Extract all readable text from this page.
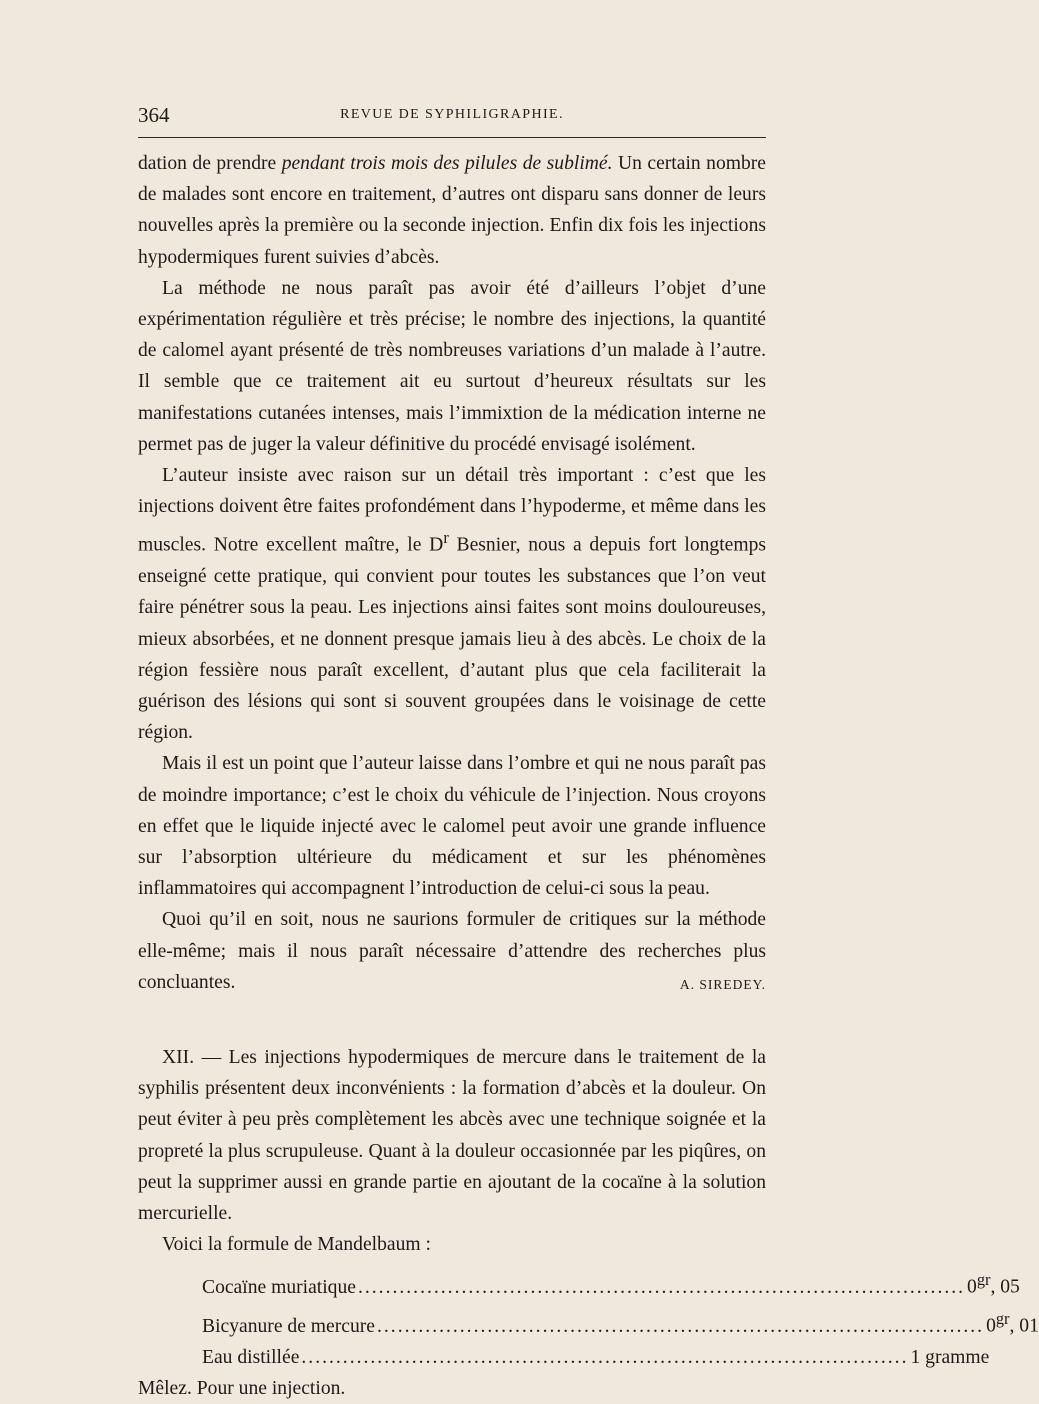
364	REVUE DE SYPHILIGRAPHIE.

dation de prendre pendant trois mois des pilules de sublimé. Un certain nombre de malades sont encore en traitement, d’autres ont disparu sans donner de leurs nouvelles après la première ou la seconde injection. Enfin dix fois les injections hypodermiques furent suivies d’abcès.

La méthode ne nous paraît pas avoir été d’ailleurs l’objet d’une expérimentation régulière et très précise; le nombre des injections, la quantité de calomel ayant présenté de très nombreuses variations d’un malade à l’autre. Il semble que ce traitement ait eu surtout d’heureux résultats sur les manifestations cutanées intenses, mais l’immixtion de la médication interne ne permet pas de juger la valeur définitive du procédé envisagé isolément.

L’auteur insiste avec raison sur un détail très important : c’est que les injections doivent être faites profondément dans l’hypoderme, et même dans les muscles. Notre excellent maître, le $D^r$ Besnier, nous a depuis fort longtemps enseigné cette pratique, qui convient pour toutes les substances que l’on veut faire pénétrer sous la peau. Les injections ainsi faites sont moins douloureuses, mieux absorbées, et ne donnent presque jamais lieu à des abcès. Le choix de la région fessière nous paraît excellent, d’autant plus que cela faciliterait la guérison des lésions qui sont si souvent groupées dans le voisinage de cette région.

Mais il est un point que l’auteur laisse dans l’ombre et qui ne nous paraît pas de moindre importance; c’est le choix du véhicule de l’injection. Nous croyons en effet que le liquide injecté avec le calomel peut avoir une grande influence sur l’absorption ultérieure du médicament et sur les phénomènes inflammatoires qui accompagnent l’introduction de celui-ci sous la peau.

Quoi qu’il en soit, nous ne saurions formuler de critiques sur la méthode elle-même; mais il nous paraît nécessaire d’attendre des recherches plus concluantes.	A. SIREDEY.

XII. — Les injections hypodermiques de mercure dans le traitement de la syphilis présentent deux inconvénients : la formation d’abcès et la douleur. On peut éviter à peu près complètement les abcès avec une technique soignée et la propreté la plus scrupuleuse. Quant à la douleur occasionnée par les piqûres, on peut la supprimer aussi en grande partie en ajoutant de la cocaïne à la solution mercurielle.

Voici la formule de Mandelbaum :

Cocaïne muriatique ........................................................................................ $0^{gr}$, 05
Bicyanure de mercure ........................................................................................ $0^{gr}$, 01
Eau distillée ........................................................................................ 1 gramme

Mêlez. Pour une injection.
